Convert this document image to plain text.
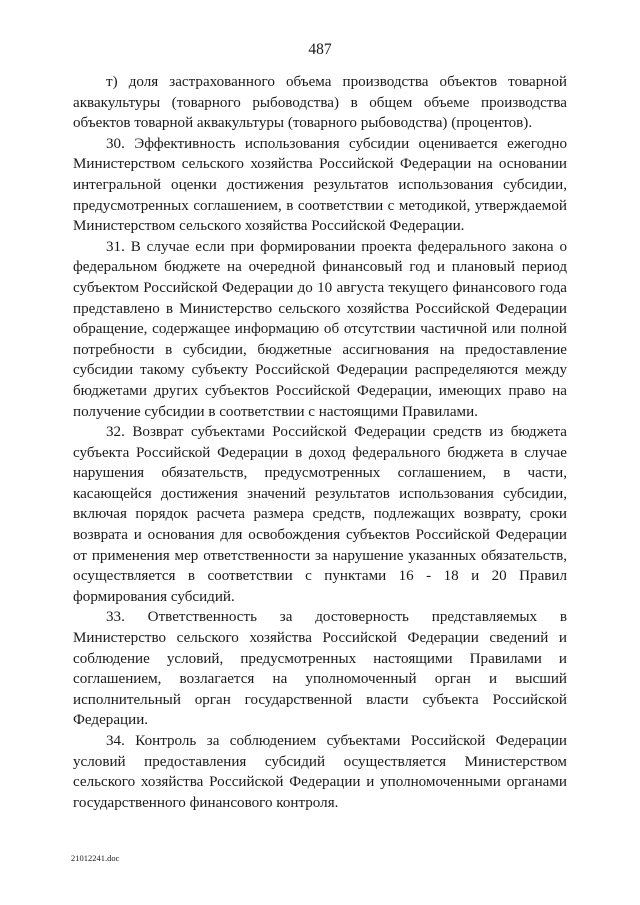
487

т) доля застрахованного объема производства объектов товарной аквакультуры (товарного рыбоводства) в общем объеме производства объектов товарной аквакультуры (товарного рыбоводства) (процентов).

30. Эффективность использования субсидии оценивается ежегодно Министерством сельского хозяйства Российской Федерации на основании интегральной оценки достижения результатов использования субсидии, предусмотренных соглашением, в соответствии с методикой, утверждаемой Министерством сельского хозяйства Российской Федерации.

31. В случае если при формировании проекта федерального закона о федеральном бюджете на очередной финансовый год и плановый период субъектом Российской Федерации до 10 августа текущего финансового года представлено в Министерство сельского хозяйства Российской Федерации обращение, содержащее информацию об отсутствии частичной или полной потребности в субсидии, бюджетные ассигнования на предоставление субсидии такому субъекту Российской Федерации распределяются между бюджетами других субъектов Российской Федерации, имеющих право на получение субсидии в соответствии с настоящими Правилами.

32. Возврат субъектами Российской Федерации средств из бюджета субъекта Российской Федерации в доход федерального бюджета в случае нарушения обязательств, предусмотренных соглашением, в части, касающейся достижения значений результатов использования субсидии, включая порядок расчета размера средств, подлежащих возврату, сроки возврата и основания для освобождения субъектов Российской Федерации от применения мер ответственности за нарушение указанных обязательств, осуществляется в соответствии с пунктами 16 - 18 и 20 Правил формирования субсидий.

33. Ответственность за достоверность представляемых в Министерство сельского хозяйства Российской Федерации сведений и соблюдение условий, предусмотренных настоящими Правилами и соглашением, возлагается на уполномоченный орган и высший исполнительный орган государственной власти субъекта Российской Федерации.

34. Контроль за соблюдением субъектами Российской Федерации условий предоставления субсидий осуществляется Министерством сельского хозяйства Российской Федерации и уполномоченными органами государственного финансового контроля.

21012241.doc
